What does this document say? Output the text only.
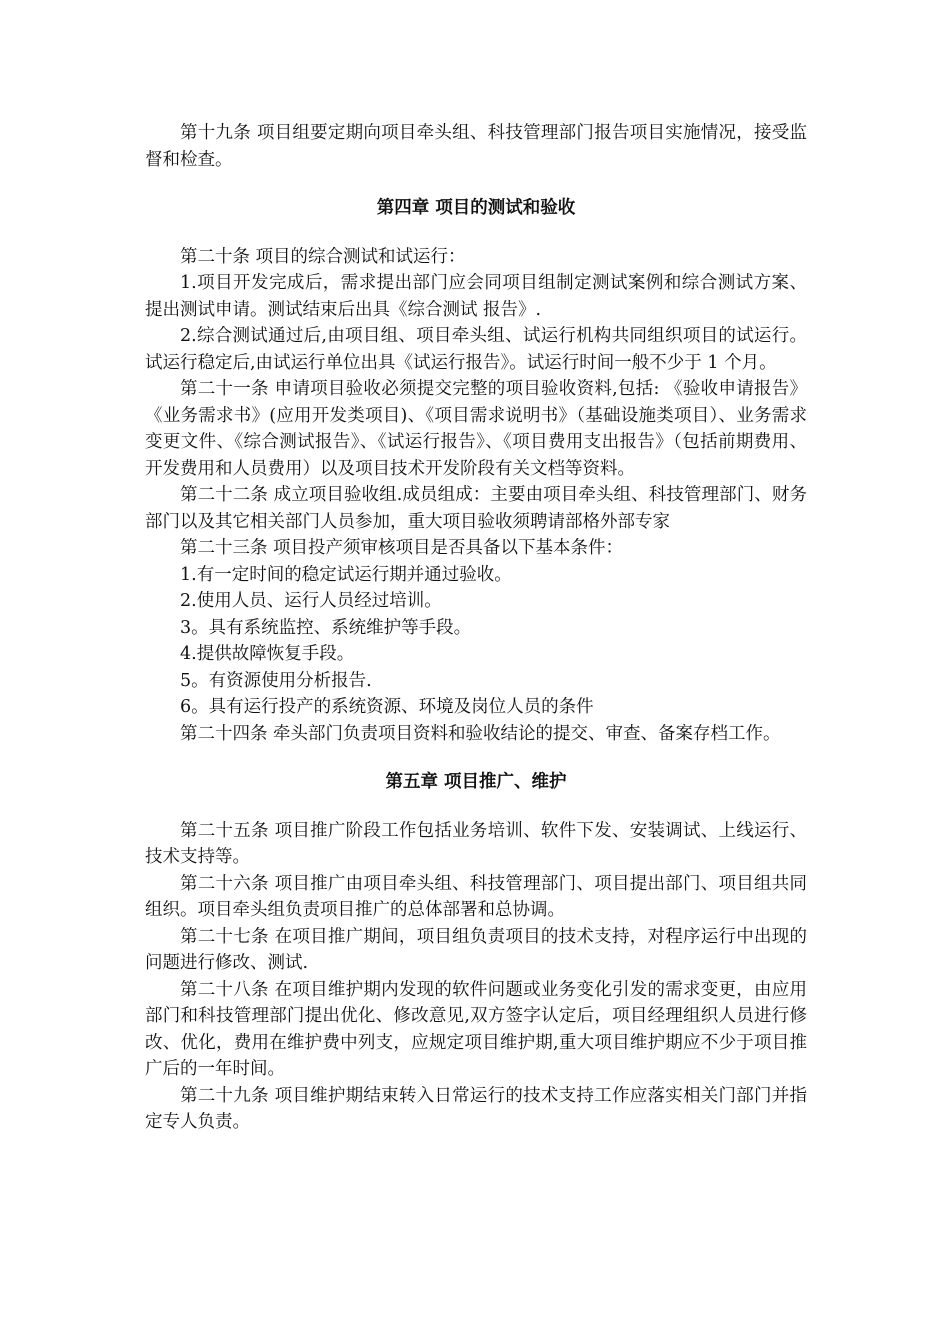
第十九条 项目组要定期向项目牵头组、科技管理部门报告项目实施情况，接受监督和检查。

第四章 项目的测试和验收

第二十条 项目的综合测试和试运行：

1.项目开发完成后，需求提出部门应会同项目组制定测试案例和综合测试方案、提出测试申请。测试结束后出具《综合测试 报告》.

2.综合测试通过后,由项目组、项目牵头组、试运行机构共同组织项目的试运行。试运行稳定后,由试运行单位出具《试运行报告》。试运行时间一般不少于 1 个月。

第二十一条 申请项目验收必须提交完整的项目验收资料,包括: 《验收申请报告》《业务需求书》(应用开发类项目)、《项目需求说明书》（基础设施类项目）、业务需求变更文件、《综合测试报告》、《试运行报告》、《项目费用支出报告》（包括前期费用、开发费用和人员费用）以及项目技术开发阶段有关文档等资料。

第二十二条 成立项目验收组.成员组成：主要由项目牵头组、科技管理部门、财务部门以及其它相关部门人员参加，重大项目验收须聘请部格外部专家

第二十三条 项目投产须审核项目是否具备以下基本条件：

1.有一定时间的稳定试运行期并通过验收。

2.使用人员、运行人员经过培训。

3。具有系统监控、系统维护等手段。

4.提供故障恢复手段。

5。有资源使用分析报告.

6。具有运行投产的系统资源、环境及岗位人员的条件

第二十四条 牵头部门负责项目资料和验收结论的提交、审查、备案存档工作。

第五章 项目推广、维护

第二十五条 项目推广阶段工作包括业务培训、软件下发、安装调试、上线运行、技术支持等。

第二十六条 项目推广由项目牵头组、科技管理部门、项目提出部门、项目组共同组织。项目牵头组负责项目推广的总体部署和总协调。

第二十七条 在项目推广期间，项目组负责项目的技术支持，对程序运行中出现的问题进行修改、测试.

第二十八条 在项目维护期内发现的软件问题或业务变化引发的需求变更，由应用部门和科技管理部门提出优化、修改意见,双方签字认定后，项目经理组织人员进行修改、优化，费用在维护费中列支，应规定项目维护期,重大项目维护期应不少于项目推广后的一年时间。

第二十九条 项目维护期结束转入日常运行的技术支持工作应落实相关门部门并指定专人负责。
